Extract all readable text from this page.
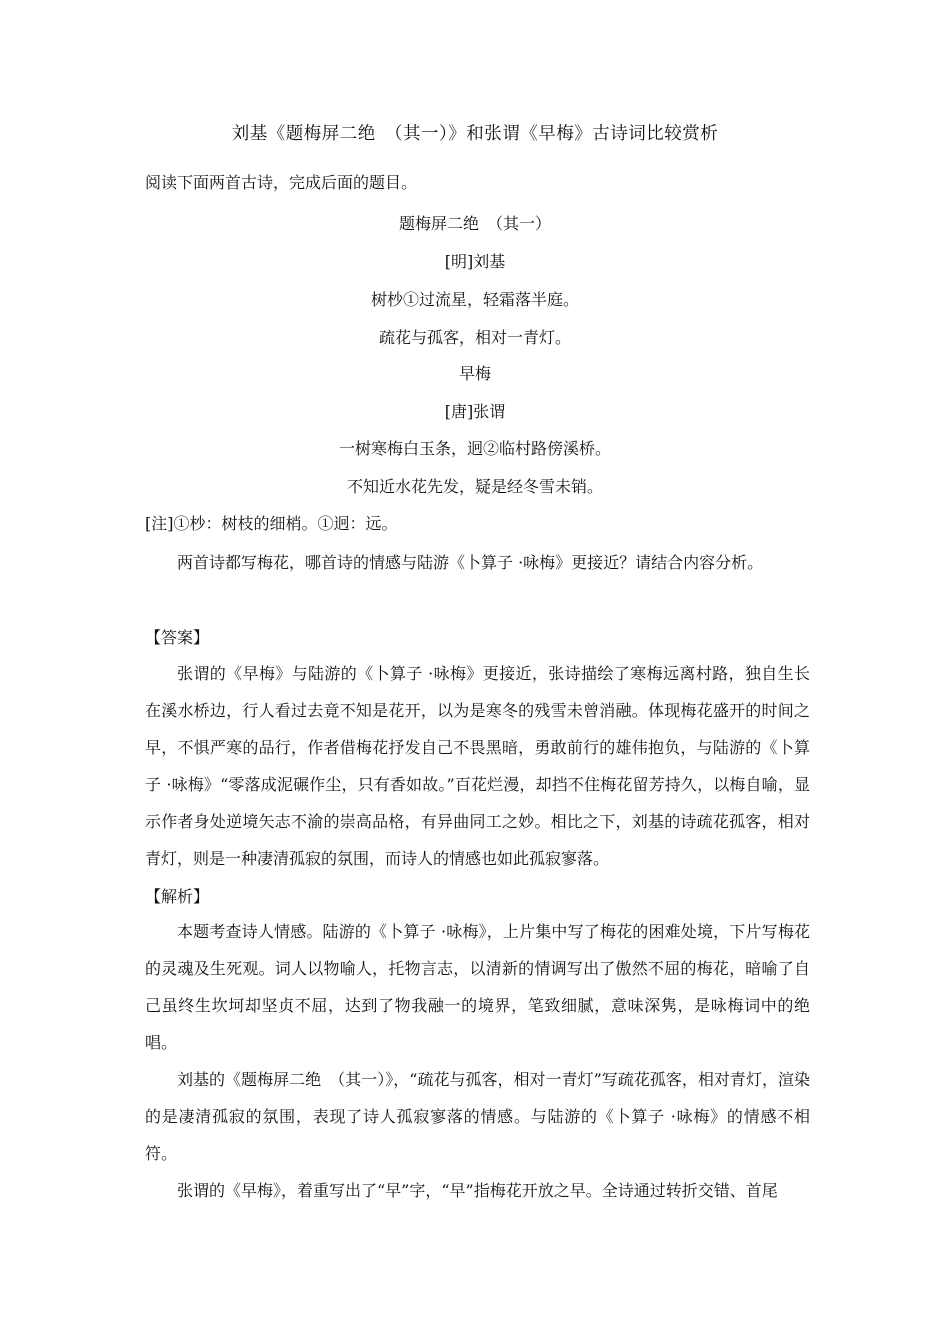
刘基《题梅屏二绝　（其一）》和张谓《早梅》古诗词比较赏析
阅读下面两首古诗，完成后面的题目。
题梅屏二绝　（其一）
[明]刘基
树杪①过流星，轻霜落半庭。
疏花与孤客，相对一青灯。
早梅
[唐]张谓
一树寒梅白玉条，迥②临村路傍溪桥。
不知近水花先发，疑是经冬雪未销。
[注]①杪：树枝的细梢。①迥：远。
两首诗都写梅花，哪首诗的情感与陆游《卜算子 ·咏梅》更接近？请结合内容分析。
【答案】

张谓的《早梅》与陆游的《卜算子 ·咏梅》更接近，张诗描绘了寒梅远离村路，独自生长在溪水桥边，行人看过去竟不知是花开，以为是寒冬的残雪未曾消融。体现梅花盛开的时间之早，不惧严寒的品行，作者借梅花抒发自己不畏黑暗，勇敢前行的雄伟抱负，与陆游的《卜算子 ·咏梅》“零落成泥碾作尘，只有香如故。”百花烂漫，却挡不住梅花留芳持久，以梅自喻，显示作者身处逆境矢志不渝的崇高品格，有异曲同工之妙。相比之下，刘基的诗疏花孤客，相对青灯，则是一种凄清孤寂的氛围，而诗人的情感也如此孤寂寥落。

【解析】

本题考查诗人情感。陆游的《卜算子 ·咏梅》，上片集中写了梅花的困难处境，下片写梅花的灵魂及生死观。词人以物喻人，托物言志，以清新的情调写出了傲然不屈的梅花，暗喻了自己虽终生坎坷却坚贞不屈，达到了物我融一的境界，笔致细腻，意味深隽，是咏梅词中的绝唱。

刘基的《题梅屏二绝　（其一）》，“疏花与孤客，相对一青灯”写疏花孤客，相对青灯，渲染的是凄清孤寂的氛围，表现了诗人孤寂寥落的情感。与陆游的《卜算子 ·咏梅》的情感不相符。

张谓的《早梅》，着重写出了“早”字，“早”指梅花开放之早。全诗通过转折交错、首尾
